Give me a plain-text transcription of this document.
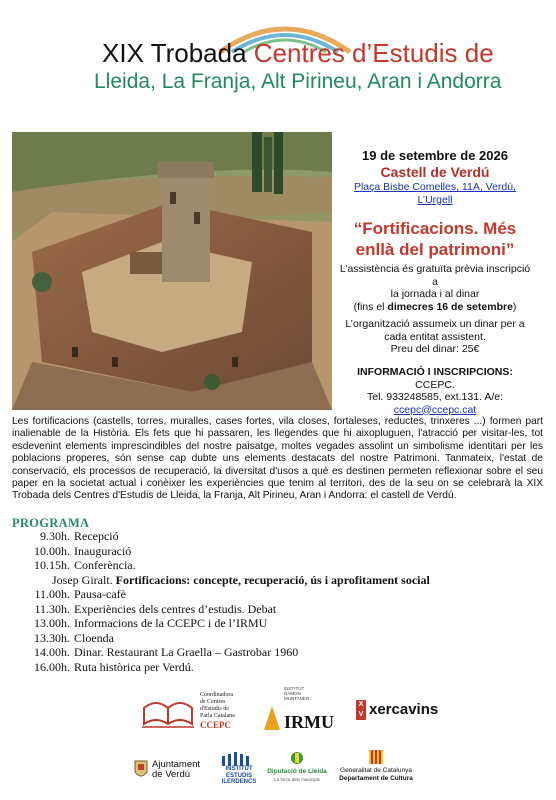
XIX Trobada Centres d’Estudis de
Lleida, La Franja, Alt Pirineu, Aran i Andorra
19 de setembre de 2026
Castell de Verdú
Plaça Bisbe Comelles, 11A, Verdú,
L’Urgell
“Fortificacions. Més
enllà del patrimoni”
L’assistència és gratuïta prèvia inscripció a
la jornada i al dinar
(fins el dimecres 16 de setembre)
L’organització assumeix un dinar per a
cada entitat assistent.
Preu del dinar: 25€
INFORMACIÓ I INSCRIPCIONS: CCEPC.
Tel. 933248585, ext.131. A/e:
ccepc@ccepc.cat
Les fortificacions (castells, torres, muralles, cases fortes, vila closes, fortaleses, reductes, trinxeres ...) formen part inalienable de la Història. Els fets que hi passaren, les llegendes que hi aixopluguen, l'atracció per visitar-les, tot esdevenint elements imprescindibles del nostre paisatge, moltes vegades assolint un simbolisme identitari per les poblacions properes, són sense cap dubte uns elements destacats del nostre Patrimoni. Tanmateix, l'estat de conservació, els processos de recuperació, la diversitat d'usos a què es destinen permeten reflexionar sobre el seu paper en la societat actual i conèixer les experiències que tenim al territori, des de la seu on se celebrarà la XIX Trobada dels Centres d'Estudis de Lleida, la Franja, Alt Pirineu, Aran i Andorra: el castell de Verdú.
PROGRAMA
9.30h. Recepció
10.00h. Inauguració
10.15h. Conferència.
Josep Giralt. Fortificacions: concepte, recuperació, ús i aprofitament social
11.00h. Pausa-cafè
11.30h. Experiències dels centres d’estudis. Debat
13.00h. Informacions de la CCEPC i de l’IRMU
13.30h. Cloenda
14.00h. Dinar. Restaurant La Graella – Gastrobar 1960
16.00h. Ruta històrica per Verdú.
Coordinadora
de Centres
d'Estudis de
Parla Catalana
CCEPC
INSTITUT RAMON MUNTANER
IRMU
X
V xercavins
Ajuntament
de Verdú	INSTITUT
ESTUDIS
ILERDENCS
Diputació de Lleida
La força dels municipis
Generalitat de Catalunya
Departament de Cultura
